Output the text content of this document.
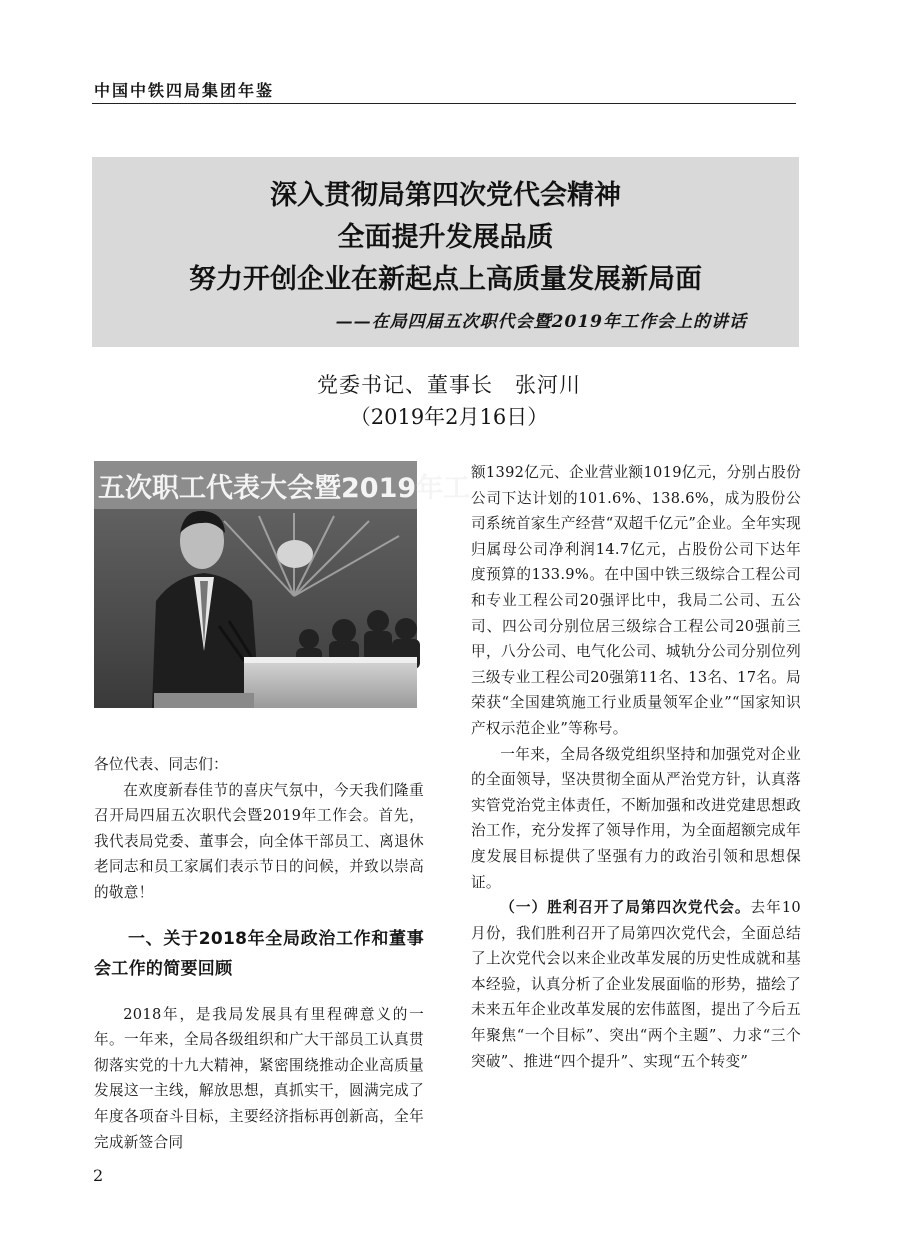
中国中铁四局集团年鉴
深入贯彻局第四次党代会精神
全面提升发展品质
努力开创企业在新起点上高质量发展新局面
——在局四届五次职代会暨2019年工作会上的讲话
党委书记、董事长　张河川
（2019年2月16日）
五次职工代表大会暨2019年工

各位代表、同志们：

在欢度新春佳节的喜庆气氛中，今天我们隆重召开局四届五次职代会暨2019年工作会。首先，我代表局党委、董事会，向全体干部员工、离退休老同志和员工家属们表示节日的问候，并致以崇高的敬意！

一、关于2018年全局政治工作和董事会工作的简要回顾

2018年，是我局发展具有里程碑意义的一年。一年来，全局各级组织和广大干部员工认真贯彻落实党的十九大精神，紧密围绕推动企业高质量发展这一主线，解放思想，真抓实干，圆满完成了年度各项奋斗目标，主要经济指标再创新高，全年完成新签合同

额1392亿元、企业营业额1019亿元，分别占股份公司下达计划的101.6%、138.6%，成为股份公司系统首家生产经营“双超千亿元”企业。全年实现归属母公司净利润14.7亿元，占股份公司下达年度预算的133.9%。在中国中铁三级综合工程公司和专业工程公司20强评比中，我局二公司、五公司、四公司分别位居三级综合工程公司20强前三甲，八分公司、电气化公司、城轨分公司分别位列三级专业工程公司20强第11名、13名、17名。局荣获“全国建筑施工行业质量领军企业”“国家知识产权示范企业”等称号。

一年来，全局各级党组织坚持和加强党对企业的全面领导，坚决贯彻全面从严治党方针，认真落实管党治党主体责任，不断加强和改进党建思想政治工作，充分发挥了领导作用，为全面超额完成年度发展目标提供了坚强有力的政治引领和思想保证。

（一）胜利召开了局第四次党代会。去年10月份，我们胜利召开了局第四次党代会，全面总结了上次党代会以来企业改革发展的历史性成就和基本经验，认真分析了企业发展面临的形势，描绘了未来五年企业改革发展的宏伟蓝图，提出了今后五年聚焦“一个目标”、突出“两个主题”、力求“三个突破”、推进“四个提升”、实现“五个转变”

2
